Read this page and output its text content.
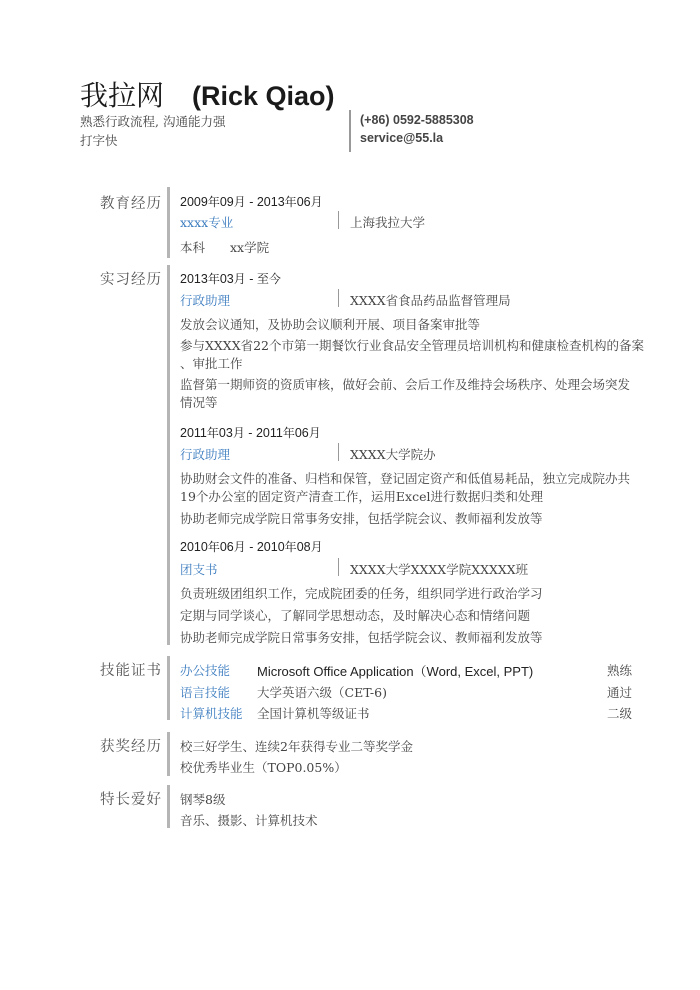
我拉网 (Rick Qiao)
熟悉行政流程, 沟通能力强
打字快
(+86) 0592-5885308
service@55.la
教育经历 2009年09月 - 2013年06月
xxxx专业	上海我拉大学
本科 xx学院
实习经历 2013年03月 - 至今
行政助理	XXXX省食品药品监督管理局
发放会议通知，及协助会议顺利开展、项目备案审批等
参与XXXX省22个市第一期餐饮行业食品安全管理员培训机构和健康检查机构的备案
、审批工作
监督第一期师资的资质审核，做好会前、会后工作及维持会场秩序、处理会场突发
情况等
2011年03月 - 2011年06月
行政助理	XXXX大学院办
协助财会文件的准备、归档和保管，登记固定资产和低值易耗品，独立完成院办共
19个办公室的固定资产清查工作，运用Excel进行数据归类和处理
协助老师完成学院日常事务安排，包括学院会议、教师福利发放等
2010年06月 - 2010年08月
团支书	XXXX大学XXXX学院XXXXX班
负责班级团组织工作，完成院团委的任务，组织同学进行政治学习
定期与同学谈心，了解同学思想动态，及时解决心态和情绪问题
协助老师完成学院日常事务安排，包括学院会议、教师福利发放等
技能证书 办公技能 Microsoft Office Application（Word, Excel, PPT)	熟练
语言技能 大学英语六级（CET-6)	通过
计算机技能 全国计算机等级证书	二级
获奖经历 校三好学生、连续2年获得专业二等奖学金
校优秀毕业生（TOP0.05%）
特长爱好 钢琴8级
音乐、摄影、计算机技术
